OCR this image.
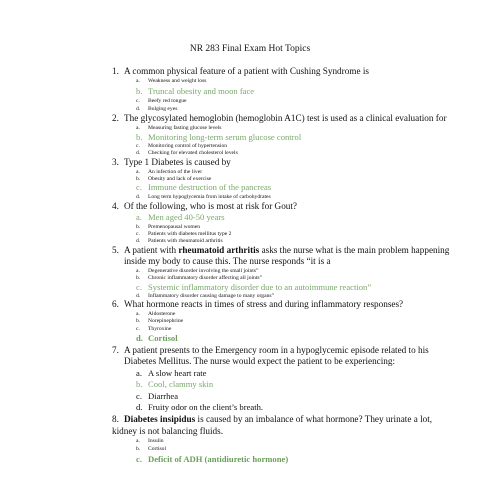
NR 283 Final Exam Hot Topics
1. A common physical feature of a patient with Cushing Syndrome is
a. Weakness and weight loss
b. Truncal obesity and moon face
c. Beefy red tongue
d. Bulging eyes
2. The glycosylated hemoglobin (hemoglobin A1C) test is used as a clinical evaluation for
a. Measuring fasting glucose levels
b. Monitoring long-term serum glucose control
c. Monitoring control of hypertension
d. Checking for elevated cholesterol levels
3. Type 1 Diabetes is caused by
a. An infection of the liver
b. Obesity and lack of exercise
c. Immune destruction of the pancreas
d. Long term hypoglycemia from intake of carbohydrates
4. Of the following, who is most at risk for Gout?
a. Men aged 40-50 years
b. Premenopausal women
c. Patients with diabetes mellitus type 2
d. Patients with rheumatoid arthritis
5. A patient with rheumatoid arthritis asks the nurse what is the main problem happening
inside my body to cause this. The nurse responds “it is a
a. Degenerative disorder involving the small joints”
b. Chronic inflammatory disorder affecting all joints”
c. Systemic inflammatory disorder due to an autoimmune reaction”
d. Inflammatory disorder causing damage to many organs”
6. What hormone reacts in times of stress and during inflammatory responses?
a. Aldosterone
b. Norepinephrine
c. Thyroxine
d. Cortisol
7. A patient presents to the Emergency room in a hypoglycemic episode related to his
Diabetes Mellitus. The nurse would expect the patient to be experiencing:
a. A slow heart rate
b. Cool, clammy skin
c. Diarrhea
d. Fruity odor on the client’s breath.
8. Diabetes insipidus is caused by an imbalance of what hormone? They urinate a lot,
kidney is not balancing fluids.
a. Insulin
b. Cortisol
c. Deficit of ADH (antidiuretic hormone)
